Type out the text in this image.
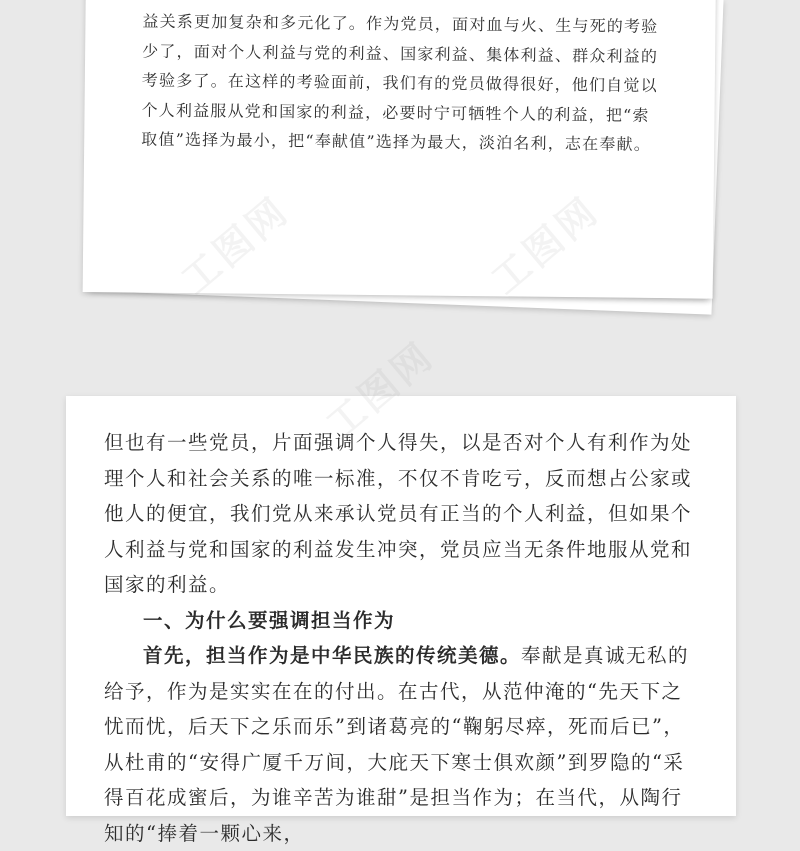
益关系更加复杂和多元化了。作为党员，面对血与火、生与死的考验

少了，面对个人利益与党的利益、国家利益、集体利益、群众利益的

考验多了。在这样的考验面前，我们有的党员做得很好，他们自觉以

个人利益服从党和国家的利益，必要时宁可牺牲个人的利益，把“索

取值”选择为最小，把“奉献值”选择为最大，淡泊名利，志在奉献。

但也有一些党员，片面强调个人得失，以是否对个人有利作为处理个人和社会关系的唯一标准，不仅不肯吃亏，反而想占公家或他人的便宜，我们党从来承认党员有正当的个人利益，但如果个人利益与党和国家的利益发生冲突，党员应当无条件地服从党和国家的利益。

一、为什么要强调担当作为

首先，担当作为是中华民族的传统美德。奉献是真诚无私的给予，作为是实实在在的付出。在古代，从范仲淹的“先天下之忧而忧，后天下之乐而乐”到诸葛亮的“鞠躬尽瘁，死而后已”，从杜甫的“安得广厦千万间，大庇天下寒士俱欢颜”到罗隐的“采得百花成蜜后，为谁辛苦为谁甜”是担当作为；在当代，从陶行知的“捧着一颗心来，

工图网
